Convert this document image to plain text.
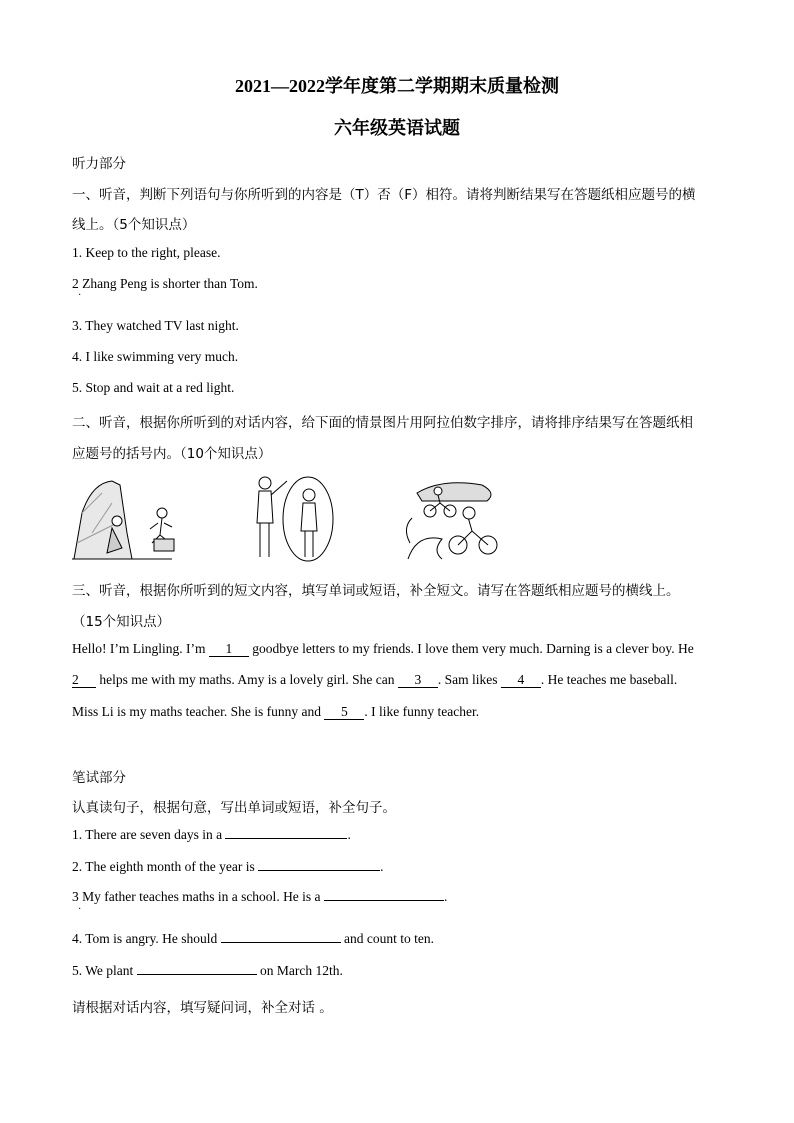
2021—2022学年度第二学期期末质量检测
六年级英语试题
听力部分
一、听音，判断下列语句与你所听到的内容是（T）否（F）相符。请将判断结果写在答题纸相应题号的横
线上。（5个知识点）
1. Keep to the right, please.
2 Zhang Peng is shorter than Tom.
·
3. They watched TV last night.
4. I like swimming very much.
5. Stop and wait at a red light.
二、听音，根据你所听到的对话内容，给下面的情景图片用阿拉伯数字排序，请将排序结果写在答题纸相
应题号的括号内。（10个知识点）
三、听音，根据你所听到的短文内容，填写单词或短语，补全短文。请写在答题纸相应题号的横线上。
（15个知识点）
Hello! I’m Lingling. I’m 1 goodbye letters to my friends. I love them very much. Darning is a clever boy. He
2 helps me with my maths. Amy is a lovely girl. She can 3 . Sam likes 4 . He teaches me baseball.
Miss Li is my maths teacher. She is funny and 5 . I like funny teacher.
笔试部分
认真读句子，根据句意，写出单词或短语，补全句子。
1. There are seven days in a	.
2. The eighth month of the year is	.
3 My father teaches maths in a school. He is a	.
·
4. Tom is angry. He should	and count to ten.
5. We plant	on March 12th.
请根据对话内容，填写疑问词，补全对话 。
